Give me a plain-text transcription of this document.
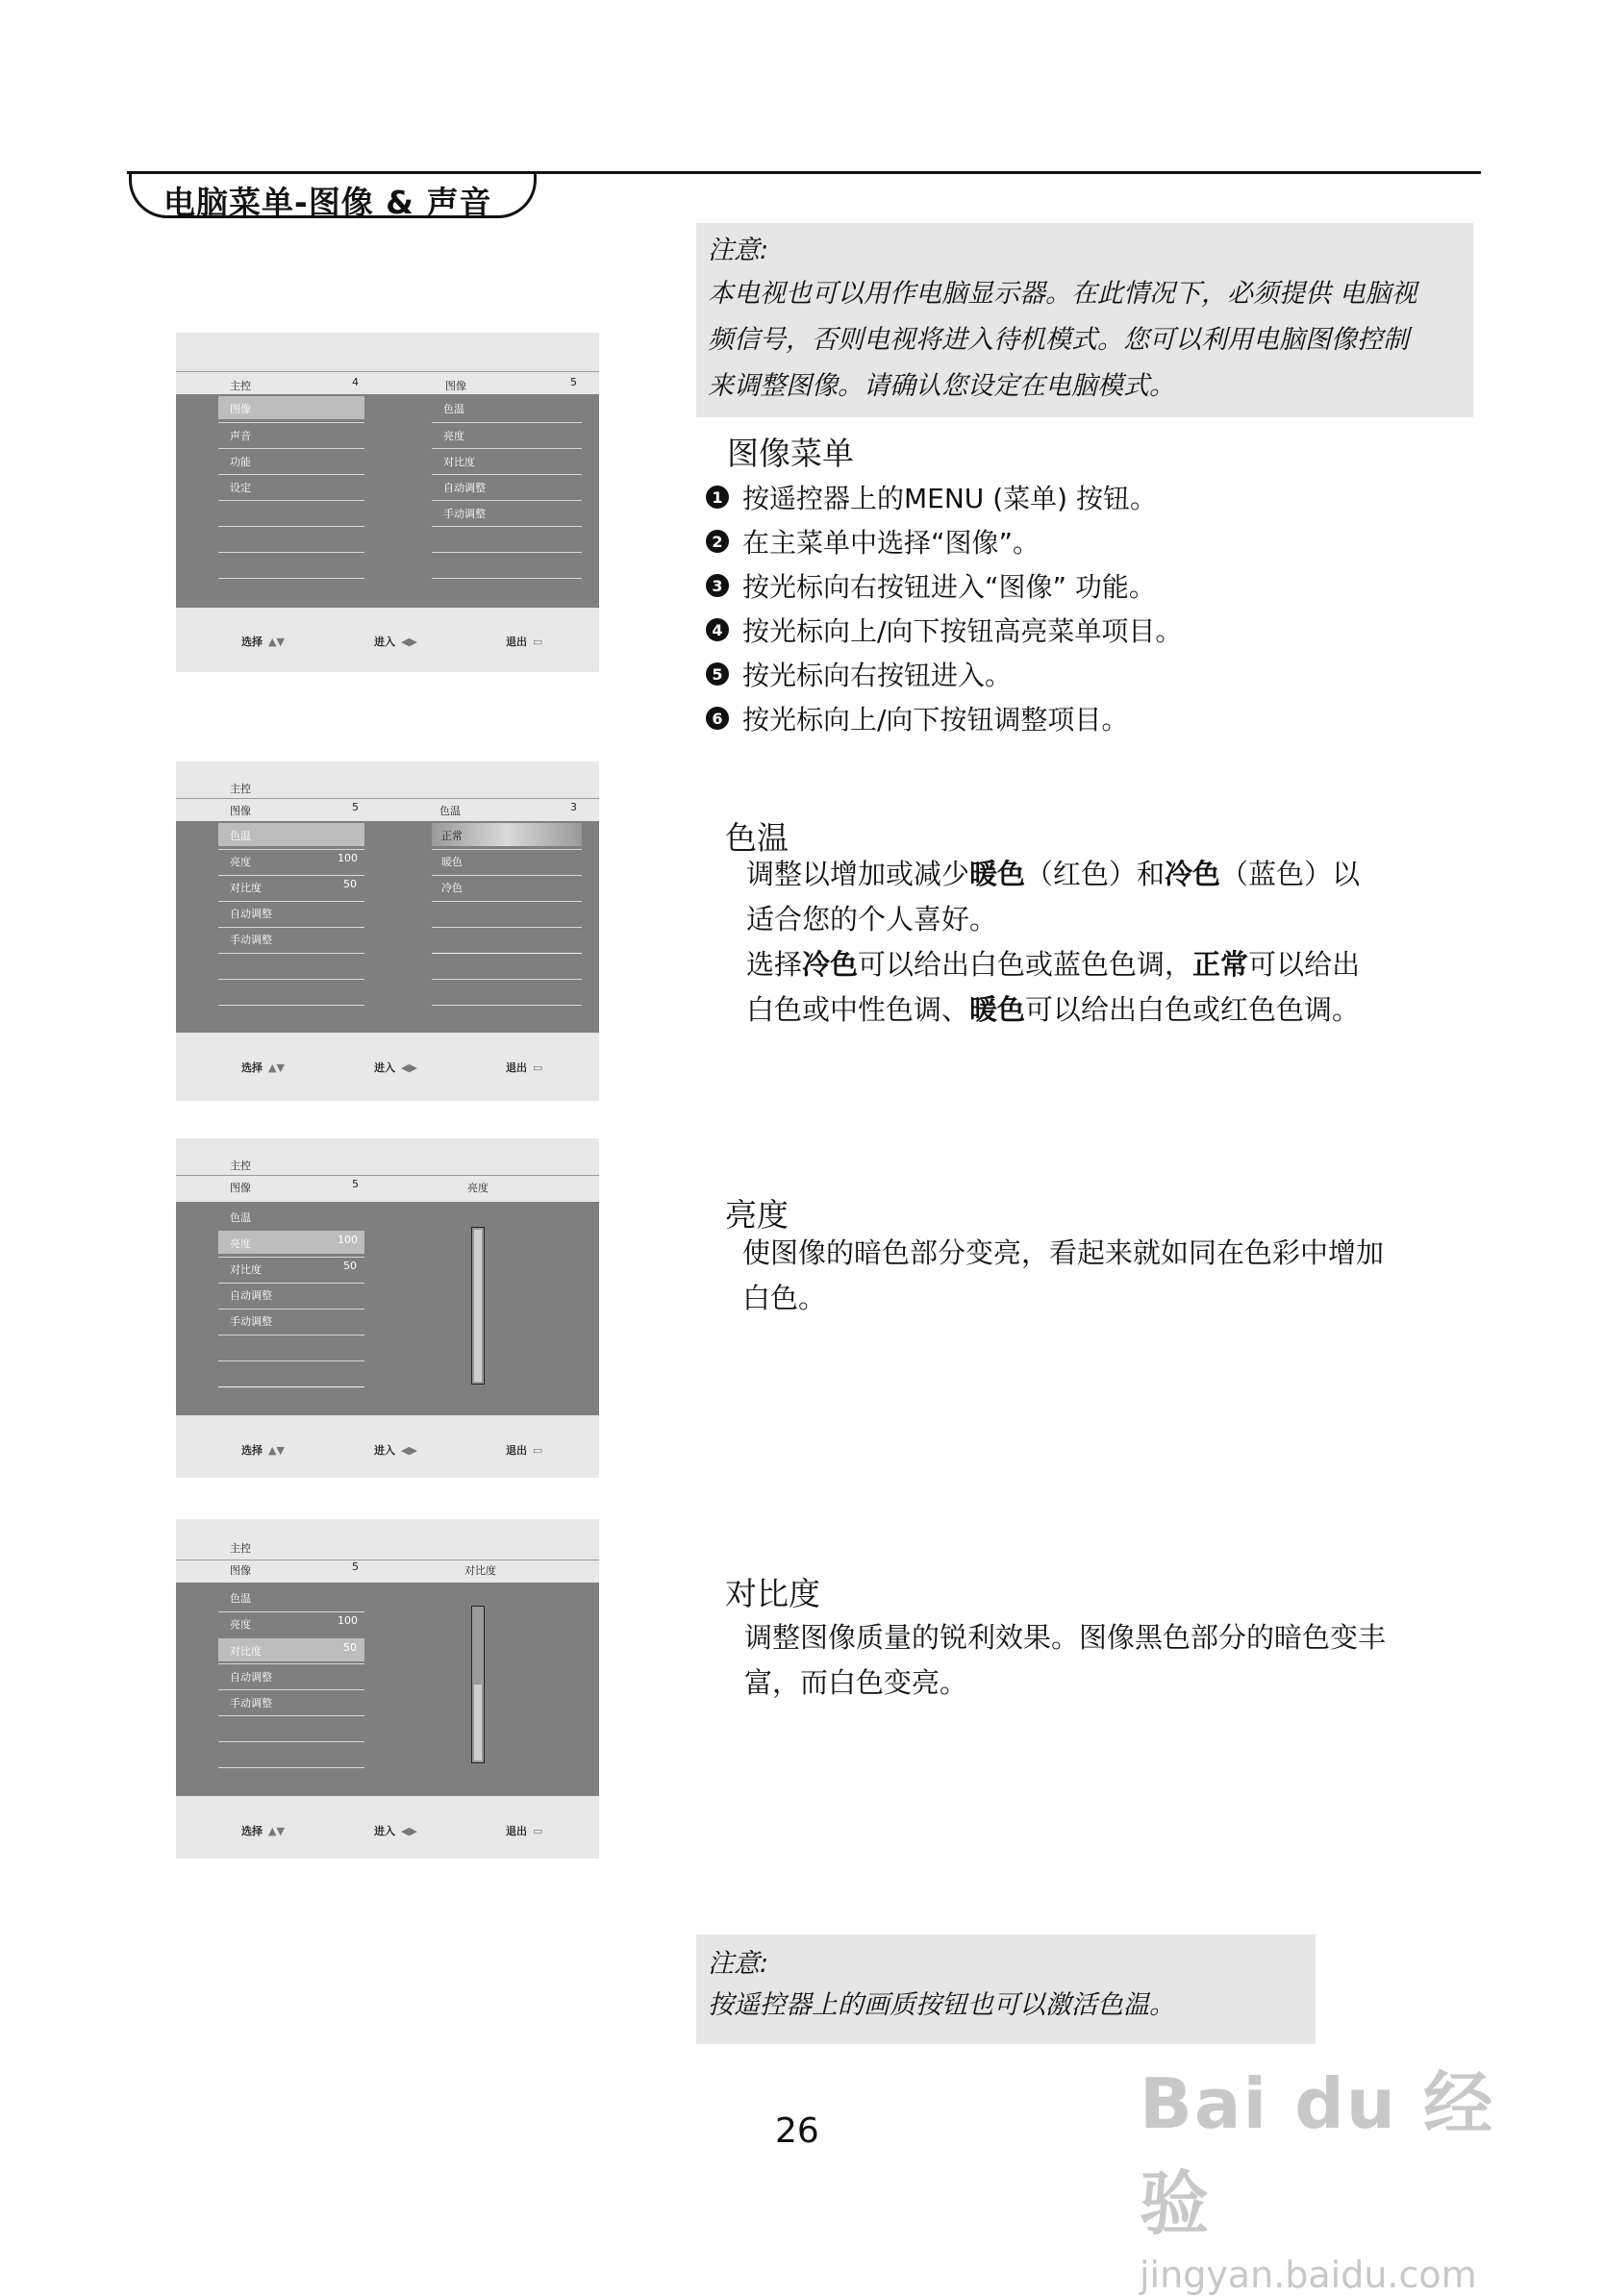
电脑菜单-图像 & 声音
注意:
本电视也可以用作电脑显示器。在此情况下，必须提供 电脑视
频信号，否则电视将进入待机模式。您可以利用电脑图像控制
来调整图像。请确认您设定在电脑模式。
图像菜单
1 按遥控器上的MENU (菜单) 按钮。
2 在主菜单中选择“图像”。
3 按光标向右按钮进入“图像” 功能。
4 按光标向上/向下按钮高亮菜单项目。
5 按光标向右按钮进入。
6 按光标向上/向下按钮调整项目。
色温
调整以增加或减少暖色（红色）和冷色（蓝色）以
适合您的个人喜好。
选择冷色可以给出白色或蓝色色调，正常可以给出
白色或中性色调、暖色可以给出白色或红色色调。
亮度
使图像的暗色部分变亮，看起来就如同在色彩中增加
白色。
对比度
调整图像质量的锐利效果。图像黑色部分的暗色变丰
富，而白色变亮。
注意:
按遥控器上的画质按钮也可以激活色温。
26
主控	4	图像	5
图像
声音
功能
设定
色温
亮度
对比度
自动调整
手动调整
选择 ▲▼	进入 ◀▶	退出 ▭
主控
图像	5	色温	3
色温
亮度	100
对比度	50
自动调整
手动调整
正常
暖色
冷色
选择 ▲▼	进入 ◀▶	退出 ▭
主控
图像	5	亮度
色温
亮度	100
对比度	50
自动调整
手动调整
选择 ▲▼	进入 ◀▶	退出 ▭
主控
图像	5	对比度
色温
亮度	100
对比度	50
自动调整
手动调整
选择 ▲▼	进入 ◀▶	退出 ▭
Bai du 经验
jingyan.baidu.com
